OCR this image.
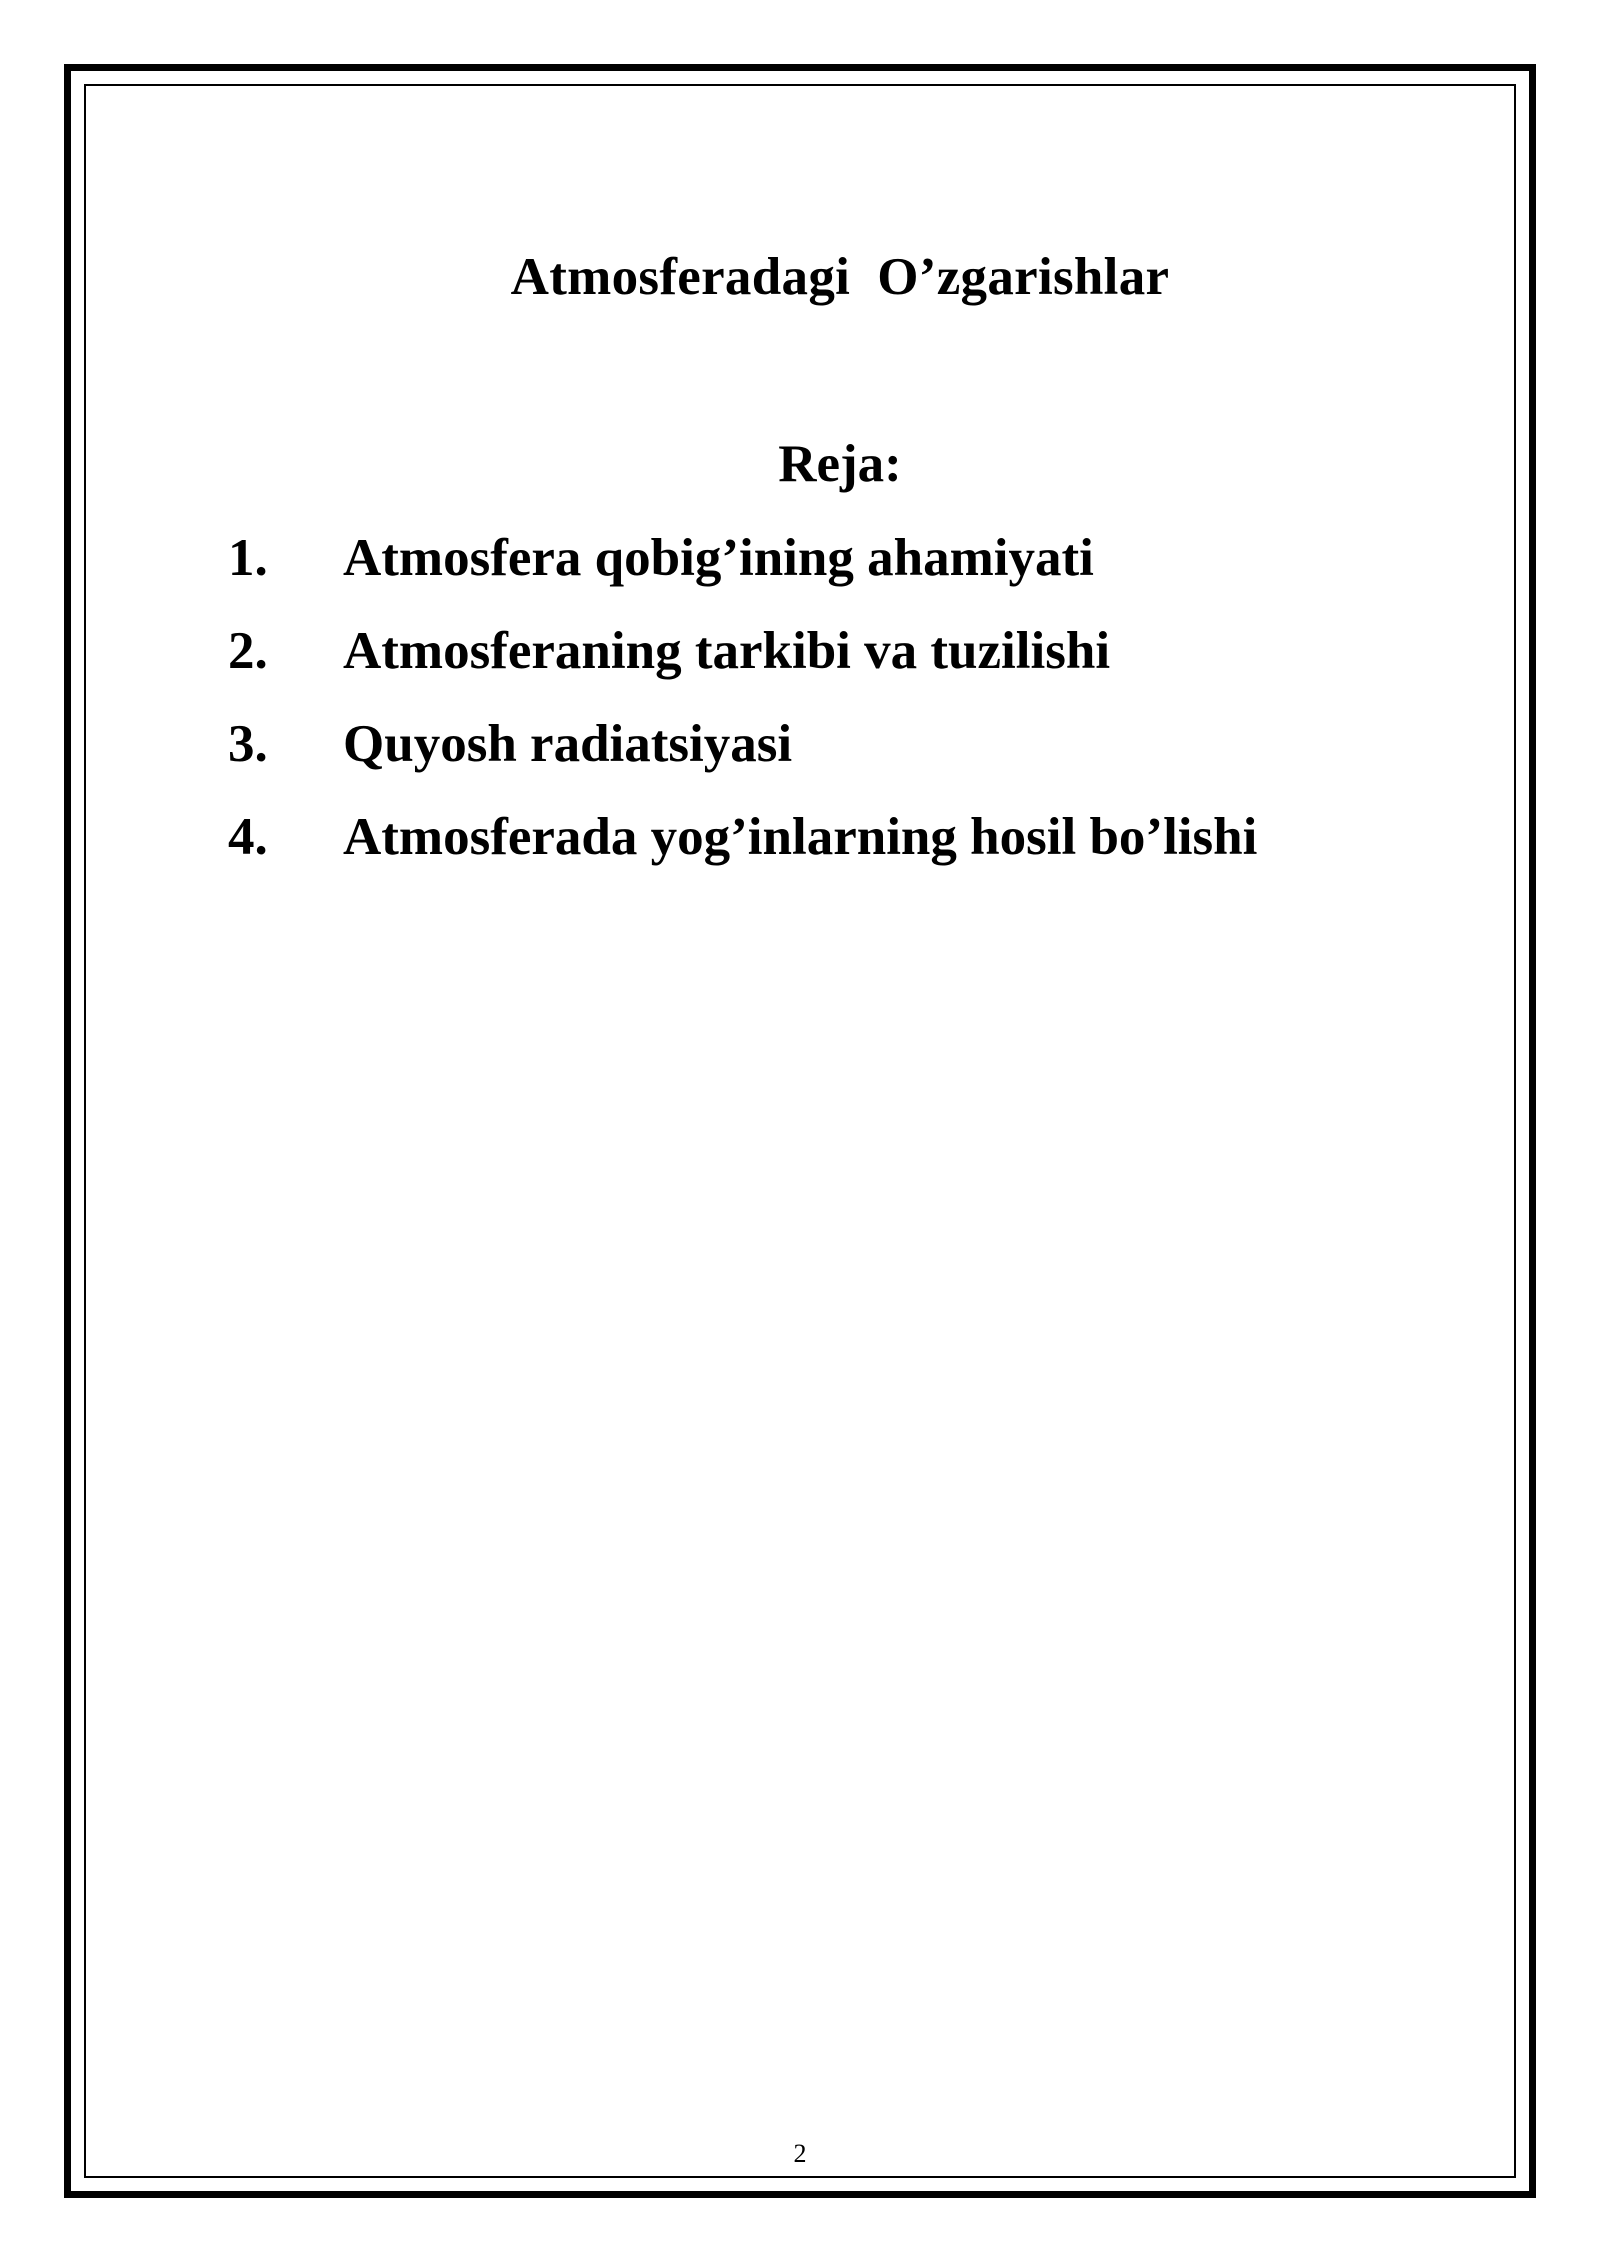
Atmosferadagi  O’zgarishlar
Reja:
1. Atmosfera qobig’ining ahamiyati
2. Atmosferaning tarkibi va tuzilishi
3. Quyosh radiatsiyasi
4. Atmosferada yog’inlarning hosil bo’lishi
2
